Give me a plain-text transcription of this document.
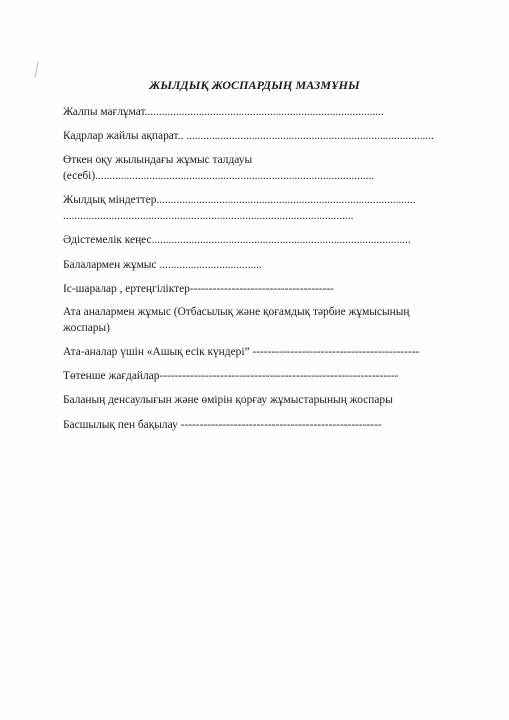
ЖЫЛДЫҚ ЖОСПАРДЫҢ МАЗМҰНЫ

Жалпы мағлұмат....................................................................................

Кадрлар жайлы ақпарат.. .......................................................................................

Өткен оқу жылындағы жұмыс талдауы

(есебі)..................................................................................................

Жылдық міндеттер...........................................................................................

......................................................................................................

Әдістемелік кеңес...........................................................................................

Балалармен жұмыс ....................................

Іс-шаралар , ертеңгіліктер--------------------------------------

Ата аналармен жұмыс (Отбасылық және қоғамдық тәрбие жұмысының

жоспары)

Ата-аналар үшін «Ашық есік күндері” --------------------------------------------

Төтенше жағдайлар---------------------------------------------------------------

Баланың денсаулығын және өмірін қорғау жұмыстарының жоспары

Басшылық пен бақылау -----------------------------------------------------
